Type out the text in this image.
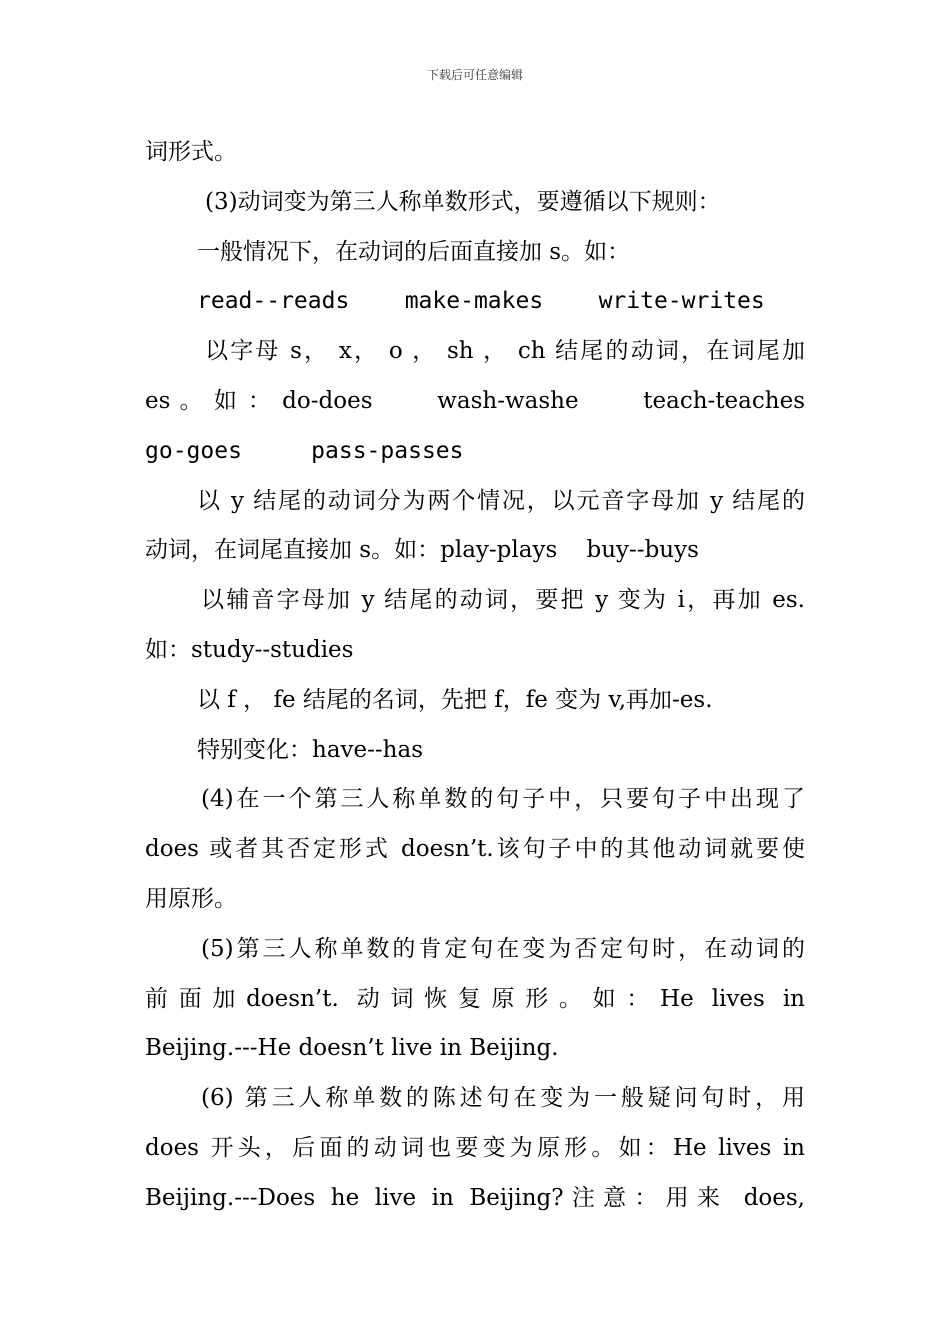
下载后可任意编辑
词形式。
(3)动词变为第三人称单数形式，要遵循以下规则：
一般情况下，在动词的后面直接加 s。如：
read--reads    make-makes    write-writes
以字母 s， x， o ， sh ， ch 结尾的动词，在词尾加
es 。 如 ： do-does       wash-washe       teach-teaches
go-goes     pass-passes
以 y 结尾的动词分为两个情况，以元音字母加 y 结尾的
动词，在词尾直接加 s。如：play-plays    buy--buys
以辅音字母加 y 结尾的动词，要把 y 变为 i，再加 es.
如：study--studies
以 f ， fe 结尾的名词，先把 f，fe 变为 v,再加-es.
特别变化：have--has
(4)在一个第三人称单数的句子中，只要句子中出现了
does 或者其否定形式 doesn’t.该句子中的其他动词就要使
用原形。
(5)第三人称单数的肯定句在变为否定句时，在动词的
前 面 加 doesn’t.  动 词 恢 复 原 形 。 如 ： He  lives  in
Beijing.---He doesn’t live in Beijing.
(6) 第三人称单数的陈述句在变为一般疑问句时，用
does 开头，后面的动词也要变为原形。如：He lives in
Beijing.---Does he live in Beijing?注意：用来 does,
